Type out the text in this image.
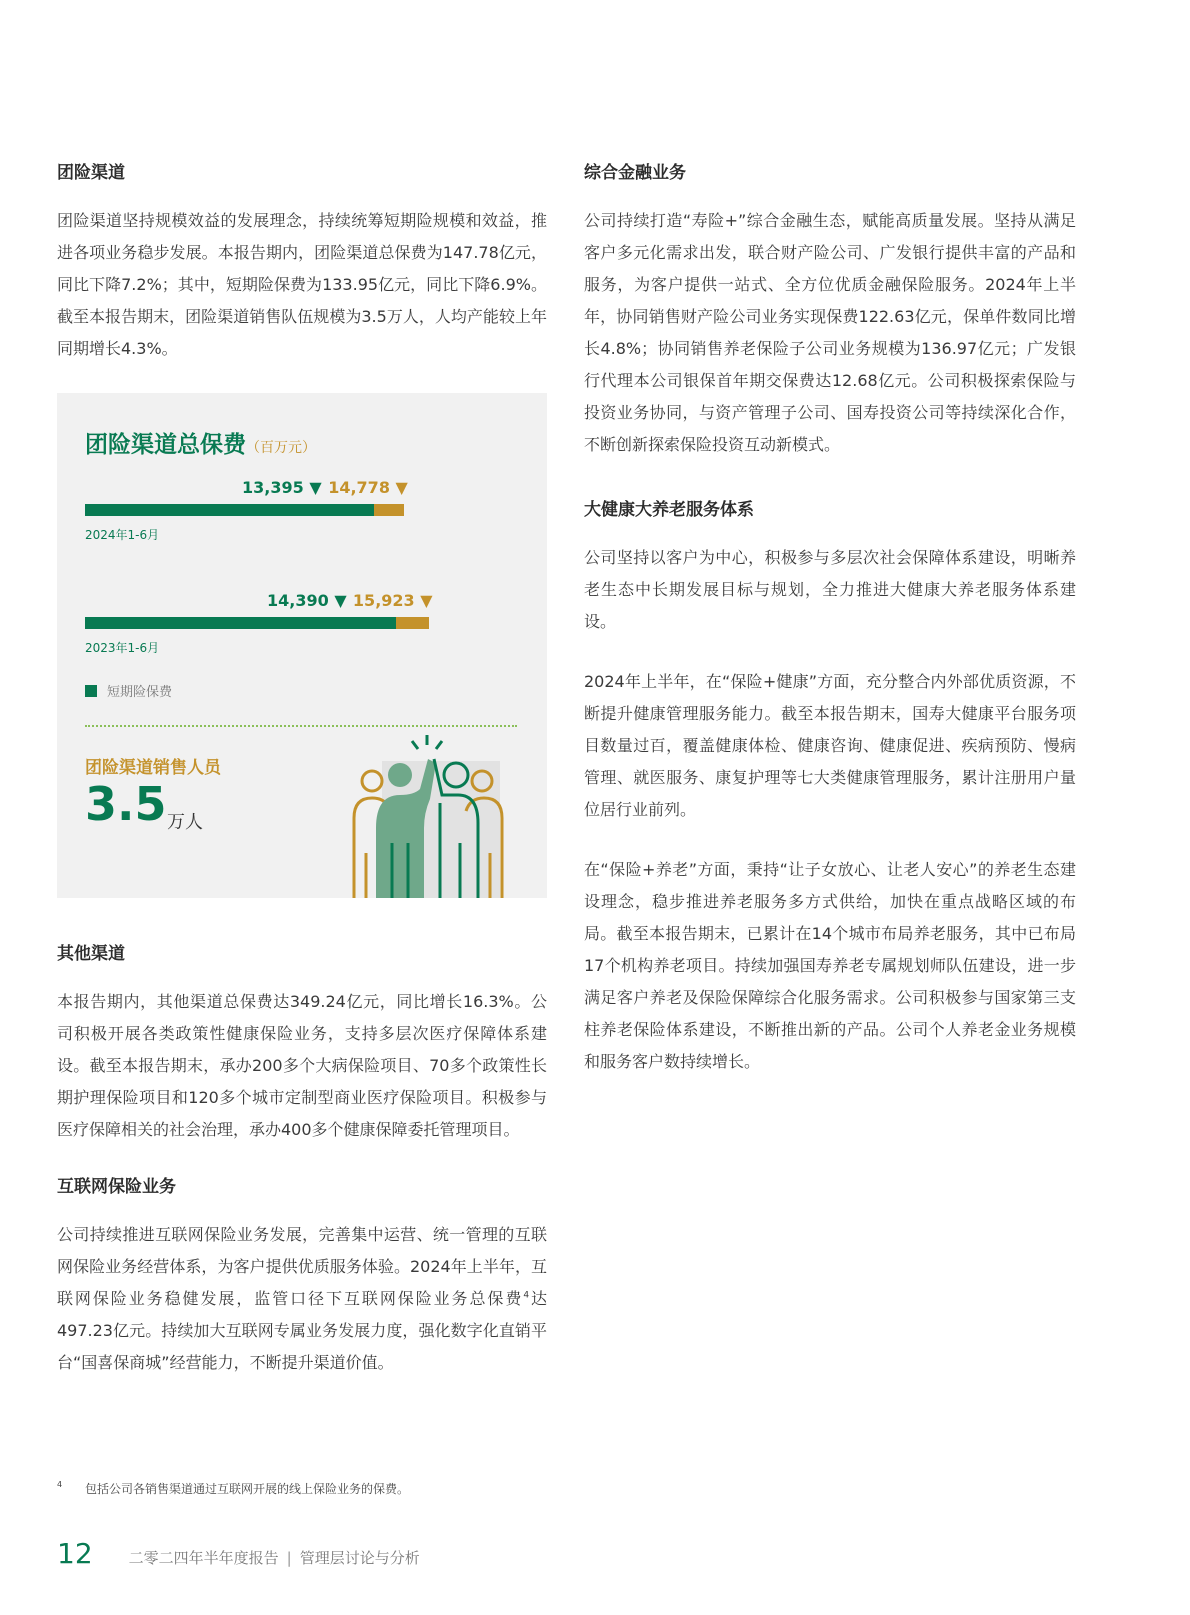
团险渠道

团险渠道坚持规模效益的发展理念，持续统筹短期险规模和效益，推进各项业务稳步发展。本报告期内，团险渠道总保费为147.78亿元，同比下降7.2%；其中，短期险保费为133.95亿元，同比下降6.9%。截至本报告期末，团险渠道销售队伍规模为3.5万人，人均产能较上年同期增长4.3%。

团险渠道总保费（百万元）
13,395 ▼ 14,778 ▼
2024年1-6月
14,390 ▼ 15,923 ▼
2023年1-6月
短期险保费
团险渠道销售人员
3.5 万人
其他渠道

本报告期内，其他渠道总保费达349.24亿元，同比增长16.3%。公司积极开展各类政策性健康保险业务，支持多层次医疗保障体系建设。截至本报告期末，承办200多个大病保险项目、70多个政策性长期护理保险项目和120多个城市定制型商业医疗保险项目。积极参与医疗保障相关的社会治理，承办400多个健康保障委托管理项目。

互联网保险业务

公司持续推进互联网保险业务发展，完善集中运营、统一管理的互联网保险业务经营体系，为客户提供优质服务体验。2024年上半年，互联网保险业务稳健发展，监管口径下互联网保险业务总保费$^4$达497.23亿元。持续加大互联网专属业务发展力度，强化数字化直销平台“国喜保商城”经营能力，不断提升渠道价值。

综合金融业务

公司持续打造“寿险+”综合金融生态，赋能高质量发展。坚持从满足客户多元化需求出发，联合财产险公司、广发银行提供丰富的产品和服务，为客户提供一站式、全方位优质金融保险服务。2024年上半年，协同销售财产险公司业务实现保费122.63亿元，保单件数同比增长4.8%；协同销售养老保险子公司业务规模为136.97亿元；广发银行代理本公司银保首年期交保费达12.68亿元。公司积极探索保险与投资业务协同，与资产管理子公司、国寿投资公司等持续深化合作，不断创新探索保险投资互动新模式。

大健康大养老服务体系

公司坚持以客户为中心，积极参与多层次社会保障体系建设，明晰养老生态中长期发展目标与规划，全力推进大健康大养老服务体系建设。

2024年上半年，在“保险+健康”方面，充分整合内外部优质资源，不断提升健康管理服务能力。截至本报告期末，国寿大健康平台服务项目数量过百，覆盖健康体检、健康咨询、健康促进、疾病预防、慢病管理、就医服务、康复护理等七大类健康管理服务，累计注册用户量位居行业前列。

在“保险+养老”方面，秉持“让子女放心、让老人安心”的养老生态建设理念，稳步推进养老服务多方式供给，加快在重点战略区域的布局。截至本报告期末，已累计在14个城市布局养老服务，其中已布局17个机构养老项目。持续加强国寿养老专属规划师队伍建设，进一步满足客户养老及保险保障综合化服务需求。公司积极参与国家第三支柱养老保险体系建设，不断推出新的产品。公司个人养老金业务规模和服务客户数持续增长。

4	包括公司各销售渠道通过互联网开展的线上保险业务的保费。
12 二零二四年半年度报告 | 管理层讨论与分析
